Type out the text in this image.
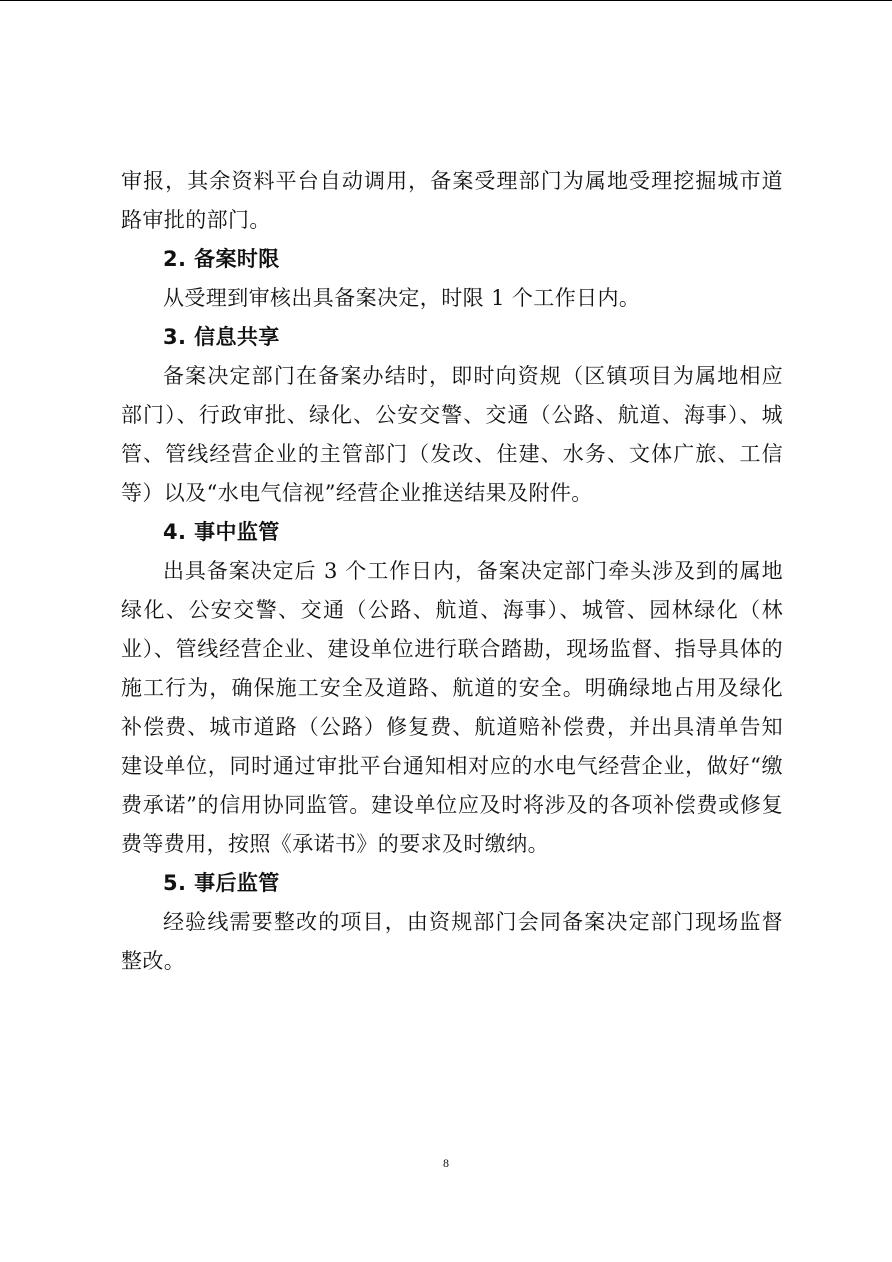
审报，其余资料平台自动调用，备案受理部门为属地受理挖掘城市道路审批的部门。

2. 备案时限

从受理到审核出具备案决定，时限 1 个工作日内。

3. 信息共享

备案决定部门在备案办结时，即时向资规（区镇项目为属地相应部门）、行政审批、绿化、公安交警、交通（公路、航道、海事）、城管、管线经营企业的主管部门（发改、住建、水务、文体广旅、工信等）以及“水电气信视”经营企业推送结果及附件。

4. 事中监管

出具备案决定后 3 个工作日内，备案决定部门牵头涉及到的属地绿化、公安交警、交通（公路、航道、海事）、城管、园林绿化（林业）、管线经营企业、建设单位进行联合踏勘，现场监督、指导具体的施工行为，确保施工安全及道路、航道的安全。明确绿地占用及绿化补偿费、城市道路（公路）修复费、航道赔补偿费，并出具清单告知建设单位，同时通过审批平台通知相对应的水电气经营企业，做好“缴费承诺”的信用协同监管。建设单位应及时将涉及的各项补偿费或修复费等费用，按照《承诺书》的要求及时缴纳。

5. 事后监管

经验线需要整改的项目，由资规部门会同备案决定部门现场监督整改。

8
